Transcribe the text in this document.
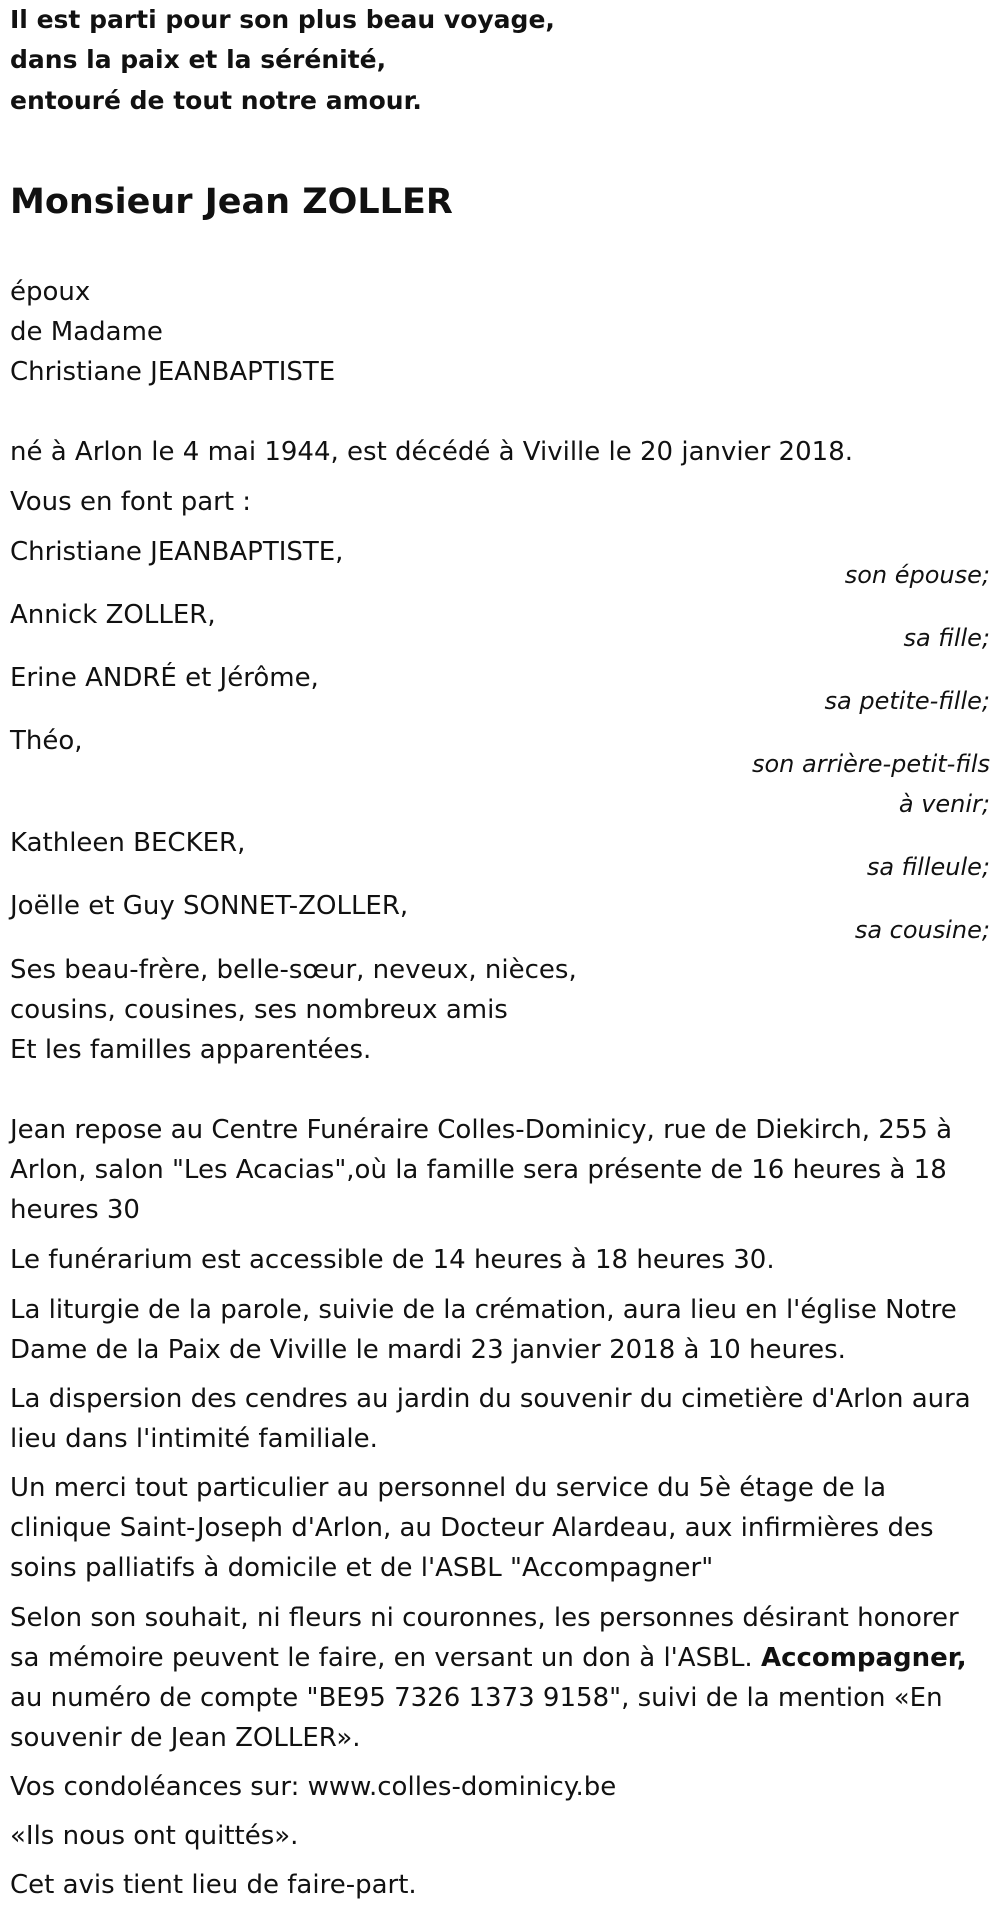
Il est parti pour son plus beau voyage,

dans la paix et la sérénité,

entouré de tout notre amour.

Monsieur Jean ZOLLER

époux

de Madame

Christiane JEANBAPTISTE

né à Arlon le 4 mai 1944, est décédé à Viville le 20 janvier 2018.

Vous en font part :

Christiane JEANBAPTISTE,

son épouse;

Annick ZOLLER,

sa fille;

Erine ANDRÉ et Jérôme,

sa petite-fille;

Théo,

son arrière-petit-fils

à venir;

Kathleen BECKER,

sa filleule;

Joëlle et Guy SONNET-ZOLLER,

sa cousine;

Ses beau-frère, belle-sœur, neveux, nièces,

cousins, cousines, ses nombreux amis

Et les familles apparentées.

Jean repose au Centre Funéraire Colles-Dominicy, rue de Diekirch, 255 à Arlon, salon "Les Acacias",où la famille sera présente de 16 heures à 18 heures 30

Le funérarium est accessible de 14 heures à 18 heures 30.

La liturgie de la parole, suivie de la crémation, aura lieu en l'église Notre Dame de la Paix de Viville le mardi 23 janvier 2018 à 10 heures.

La dispersion des cendres au jardin du souvenir du cimetière d'Arlon aura lieu dans l'intimité familiale.

Un merci tout particulier au personnel du service du 5è étage de la clinique Saint-Joseph d'Arlon, au Docteur Alardeau, aux infirmières des soins palliatifs à domicile et de l'ASBL "Accompagner"

Selon son souhait, ni fleurs ni couronnes, les personnes désirant honorer sa mémoire peuvent le faire, en versant un don à l'ASBL. Accompagner, au numéro de compte "BE95 7326 1373 9158", suivi de la mention «En souvenir de Jean ZOLLER».

Vos condoléances sur: www.colles-dominicy.be

«Ils nous ont quittés».

Cet avis tient lieu de faire-part.
